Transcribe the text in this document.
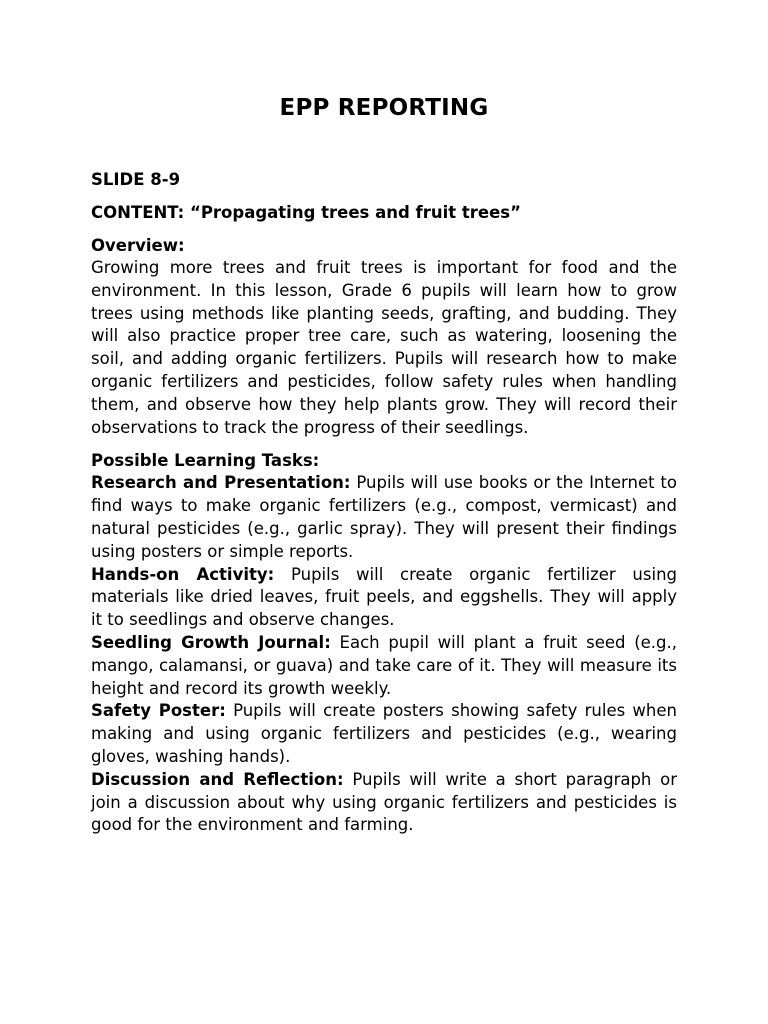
EPP REPORTING
SLIDE 8-9
CONTENT: “Propagating trees and fruit trees”
Overview:

Growing more trees and fruit trees is important for food and the environment. In this lesson, Grade 6 pupils will learn how to grow trees using methods like planting seeds, grafting, and budding. They will also practice proper tree care, such as watering, loosening the soil, and adding organic fertilizers. Pupils will research how to make organic fertilizers and pesticides, follow safety rules when handling them, and observe how they help plants grow. They will record their observations to track the progress of their seedlings.

Possible Learning Tasks:

Research and Presentation: Pupils will use books or the Internet to find ways to make organic fertilizers (e.g., compost, vermicast) and natural pesticides (e.g., garlic spray). They will present their findings using posters or simple reports.

Hands-on Activity: Pupils will create organic fertilizer using materials like dried leaves, fruit peels, and eggshells. They will apply it to seedlings and observe changes.

Seedling Growth Journal: Each pupil will plant a fruit seed (e.g., mango, calamansi, or guava) and take care of it. They will measure its height and record its growth weekly.

Safety Poster: Pupils will create posters showing safety rules when making and using organic fertilizers and pesticides (e.g., wearing gloves, washing hands).

Discussion and Reflection: Pupils will write a short paragraph or join a discussion about why using organic fertilizers and pesticides is good for the environment and farming.
